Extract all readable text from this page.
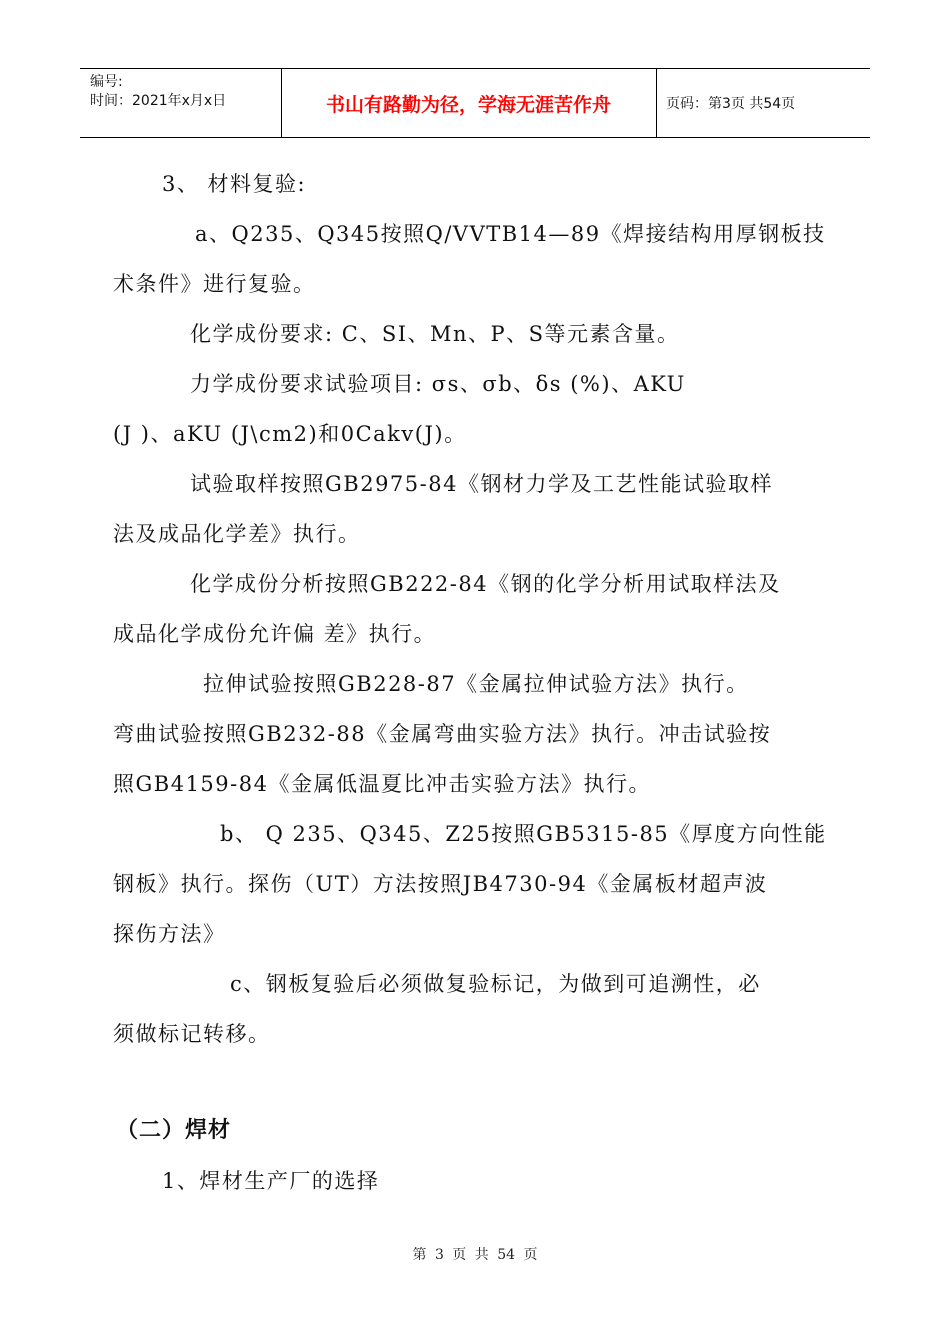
编号:
时间：2021年x月x日	书山有路勤为径，学海无涯苦作舟	页码：第3页 共54页
3、 材料复验:
a、Q235、Q345按照Q/VVTB14—89《焊接结构用厚钢板技
术条件》进行复验。
化学成份要求: C、SI、Mn、P、S等元素含量。
力学成份要求试验项目: σs、σb、δs (%)、AKU
(J )、aKU (J\cm2)和0Cakv(J)。
试验取样按照GB2975-84《钢材力学及工艺性能试验取样
法及成品化学差》执行。
化学成份分析按照GB222-84《钢的化学分析用试取样法及
成品化学成份允许偏 差》执行。
拉伸试验按照GB228-87《金属拉伸试验方法》执行。
弯曲试验按照GB232-88《金属弯曲实验方法》执行。冲击试验按
照GB4159-84《金属低温夏比冲击实验方法》执行。
b、 Q 235、Q345、Z25按照GB5315-85《厚度方向性能
钢板》执行。探伤（UT）方法按照JB4730-94《金属板材超声波
探伤方法》
c、钢板复验后必须做复验标记，为做到可追溯性，必
须做标记转移。
（二）焊材
1、焊材生产厂的选择
第 3 页 共 54 页
